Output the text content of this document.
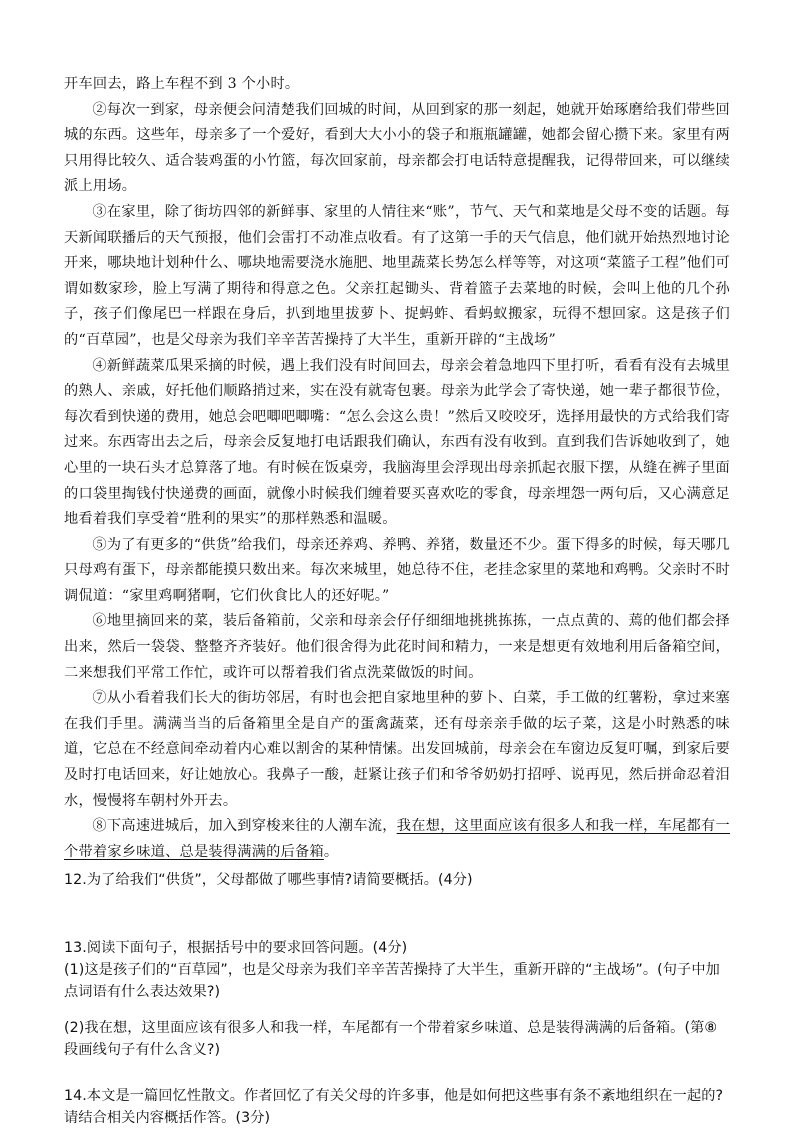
开车回去，路上车程不到 3 个小时。

②每次一到家，母亲便会问清楚我们回城的时间，从回到家的那一刻起，她就开始琢磨给我们带些回城的东西。这些年，母亲多了一个爱好，看到大大小小的袋子和瓶瓶罐罐，她都会留心攒下来。家里有两只用得比较久、适合装鸡蛋的小竹篮，每次回家前，母亲都会打电话特意提醒我，记得带回来，可以继续派上用场。

③在家里，除了街坊四邻的新鲜事、家里的人情往来“账”，节气、天气和菜地是父母不变的话题。每天新闻联播后的天气预报，他们会雷打不动准点收看。有了这第一手的天气信息，他们就开始热烈地讨论开来，哪块地计划种什么、哪块地需要浇水施肥、地里蔬菜长势怎么样等等，对这项“菜篮子工程”他们可谓如数家珍，脸上写满了期待和得意之色。父亲扛起锄头、背着篮子去菜地的时候，会叫上他的几个孙子，孩子们像尾巴一样跟在身后，扒到地里拔萝卜、捉蚂蚱、看蚂蚁搬家，玩得不想回家。这是孩子们的“百草园”，也是父母亲为我们辛辛苦苦操持了大半生，重新开辟的“主战场”

④新鲜蔬菜瓜果采摘的时候，遇上我们没有时间回去，母亲会着急地四下里打听，看看有没有去城里的熟人、亲戚，好托他们顺路捎过来，实在没有就寄包裹。母亲为此学会了寄快递，她一辈子都很节俭，每次看到快递的费用，她总会吧唧吧唧嘴：“怎么会这么贵！”然后又咬咬牙，选择用最快的方式给我们寄过来。东西寄出去之后，母亲会反复地打电话跟我们确认，东西有没有收到。直到我们告诉她收到了，她心里的一块石头才总算落了地。有时候在饭桌旁，我脑海里会浮现出母亲抓起衣服下摆，从缝在裤子里面的口袋里掏钱付快递费的画面，就像小时候我们缠着要买喜欢吃的零食，母亲埋怨一两句后，又心满意足地看着我们享受着“胜利的果实”的那样熟悉和温暖。

⑤为了有更多的“供货”给我们，母亲还养鸡、养鸭、养猪，数量还不少。蛋下得多的时候，每天哪几只母鸡有蛋下，母亲都能摸只数出来。每次来城里，她总待不住，老挂念家里的菜地和鸡鸭。父亲时不时调侃道：“家里鸡啊猪啊，它们伙食比人的还好呢。”

⑥地里摘回来的菜，装后备箱前，父亲和母亲会仔仔细细地挑挑拣拣，一点点黄的、蔫的他们都会择出来，然后一袋袋、整整齐齐装好。他们很舍得为此花时间和精力，一来是想更有效地利用后备箱空间，二来想我们平常工作忙，或许可以帮着我们省点洗菜做饭的时间。

⑦从小看着我们长大的街坊邻居，有时也会把自家地里种的萝卜、白菜，手工做的红薯粉，拿过来塞在我们手里。满满当当的后备箱里全是自产的蛋禽蔬菜，还有母亲亲手做的坛子菜，这是小时熟悉的味道，它总在不经意间牵动着内心难以割舍的某种情愫。出发回城前，母亲会在车窗边反复叮嘱，到家后要及时打电话回来，好让她放心。我鼻子一酸，赶紧让孩子们和爷爷奶奶打招呼、说再见，然后拼命忍着泪水，慢慢将车朝村外开去。

⑧下高速进城后，加入到穿梭来往的人潮车流，我在想，这里面应该有很多人和我一样，车尾都有一个带着家乡味道、总是装得满满的后备箱。

12.为了给我们“供货”，父母都做了哪些事情?请简要概括。(4分)

13.阅读下面句子，根据括号中的要求回答问题。(4分)

(1)这是孩子们的“百草园”，也是父母亲为我们辛辛苦苦操持了大半生，重新开辟的“主战场”。(句子中加点词语有什么表达效果?)

(2)我在想，这里面应该有很多人和我一样，车尾都有一个带着家乡味道、总是装得满满的后备箱。(第⑧段画线句子有什么含义?)

14.本文是一篇回忆性散文。作者回忆了有关父母的许多事，他是如何把这些事有条不紊地组织在一起的?请结合相关内容概括作答。(3分)
